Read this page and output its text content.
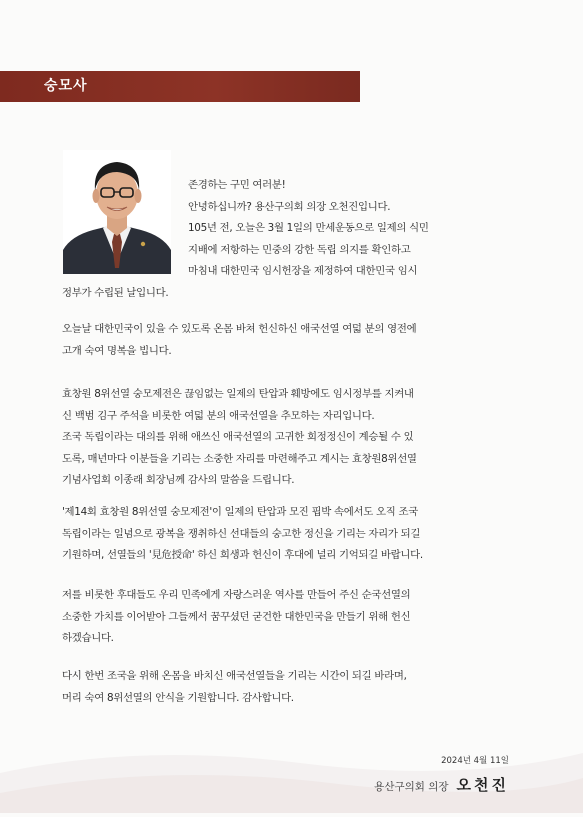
숭모사

존경하는 구민 여러분!

안녕하십니까? 용산구의회 의장 오천진입니다.

105년 전, 오늘은 3월 1일의 만세운동으로 일제의 식민

지배에 저항하는 민중의 강한 독립 의지를 확인하고

마침내 대한민국 임시헌장을 제정하여 대한민국 임시

정부가 수립된 날입니다.

오늘날 대한민국이 있을 수 있도록 온몸 바쳐 헌신하신 애국선열 여덟 분의 영전에

고개 숙여 명복을 빕니다.

효창원 8위선열 숭모제전은 끊임없는 일제의 탄압과 훼방에도 임시정부를 지켜내

신 백범 김구 주석을 비롯한 여덟 분의 애국선열을 추모하는 자리입니다.

조국 독립이라는 대의를 위해 애쓰신 애국선열의 고귀한 희정정신이 계승될 수 있

도록, 매년마다 이분들을 기리는 소중한 자리를 마련해주고 계시는 효창원8위선열

기념사업회 이종래 회장님께 감사의 말씀을 드립니다.

'제14회 효창원 8위선열 숭모제전'이 일제의 탄압과 모진 핍박 속에서도 오직 조국

독립이라는 일념으로 광복을 쟁취하신 선대들의 숭고한 정신을 기리는 자리가 되길

기원하며, 선열들의 '見危授命' 하신 희생과 헌신이 후대에 널리 기억되길 바랍니다.

저를 비롯한 후대들도 우리 민족에게 자랑스러운 역사를 만들어 주신 순국선열의

소중한 가치를 이어받아 그들께서 꿈꾸셨던 굳건한 대한민국을 만들기 위해 헌신

하겠습니다.

다시 한번 조국을 위해 온몸을 바치신 애국선열들을 기리는 시간이 되길 바라며,

머리 숙여 8위선열의 안식을 기원합니다. 감사합니다.

2024년 4월 11일
용산구의회 의장 오천진
